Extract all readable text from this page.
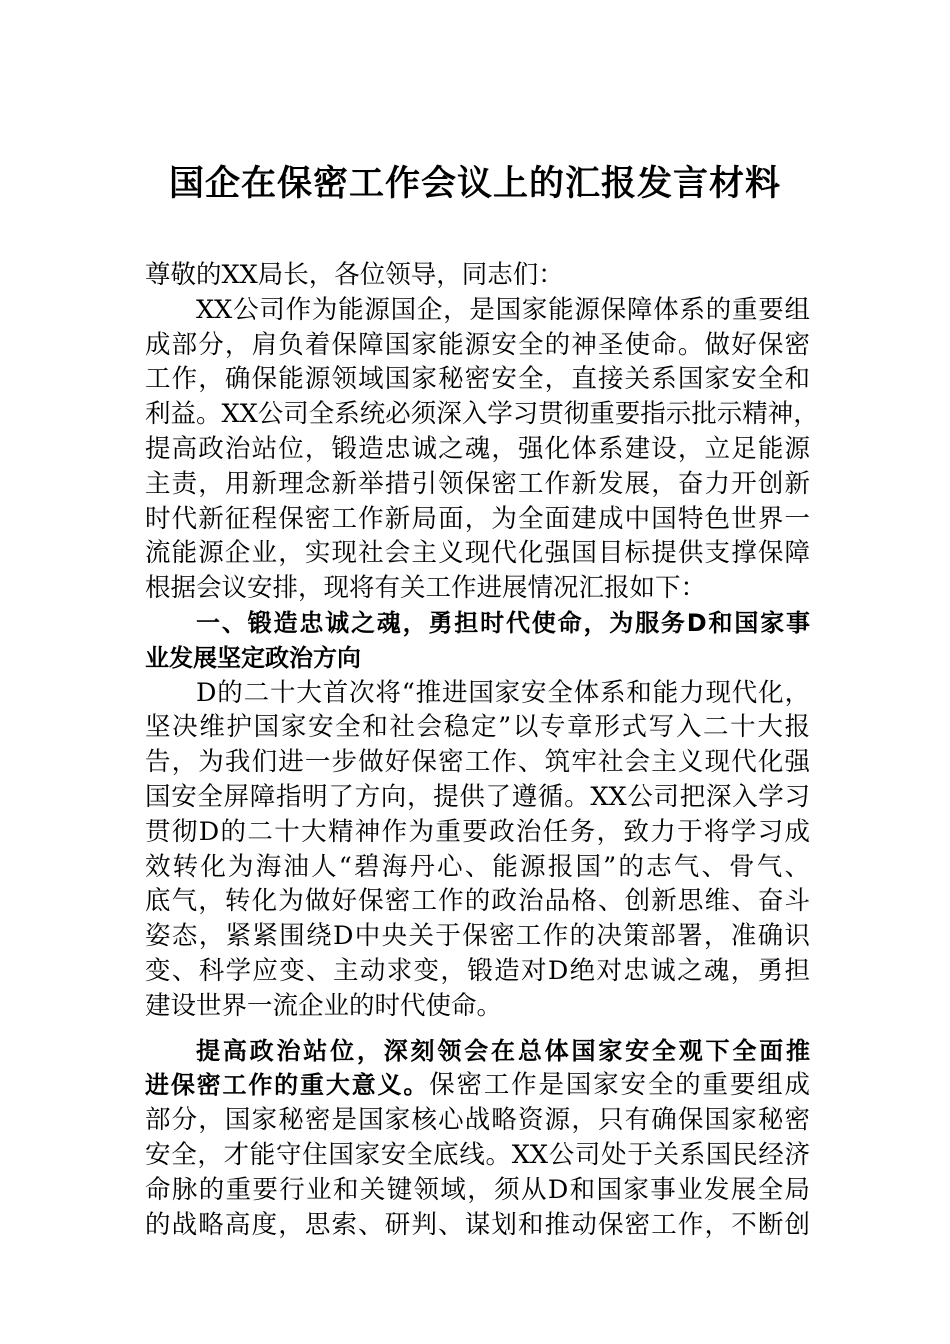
国企在保密工作会议上的汇报发言材料
尊敬的XX局长，各位领导，同志们：
XX公司作为能源国企，是国家能源保障体系的重要组
成部分，肩负着保障国家能源安全的神圣使命。做好保密
工作，确保能源领域国家秘密安全，直接关系国家安全和
利益。XX公司全系统必须深入学习贯彻重要指示批示精神，
提高政治站位，锻造忠诚之魂，强化体系建设，立足能源
主责，用新理念新举措引领保密工作新发展，奋力开创新
时代新征程保密工作新局面，为全面建成中国特色世界一
流能源企业，实现社会主义现代化强国目标提供支撑保障
根据会议安排，现将有关工作进展情况汇报如下：
一、锻造忠诚之魂，勇担时代使命，为服务D和国家事
业发展坚定政治方向
D的二十大首次将“推进国家安全体系和能力现代化，
坚决维护国家安全和社会稳定”以专章形式写入二十大报
告，为我们进一步做好保密工作、筑牢社会主义现代化强
国安全屏障指明了方向，提供了遵循。XX公司把深入学习
贯彻D的二十大精神作为重要政治任务，致力于将学习成
效转化为海油人“碧海丹心、能源报国”的志气、骨气、
底气，转化为做好保密工作的政治品格、创新思维、奋斗
姿态，紧紧围绕D中央关于保密工作的决策部署，准确识
变、科学应变、主动求变，锻造对D绝对忠诚之魂，勇担
建设世界一流企业的时代使命。
提高政治站位，深刻领会在总体国家安全观下全面推
进保密工作的重大意义。保密工作是国家安全的重要组成
部分，国家秘密是国家核心战略资源，只有确保国家秘密
安全，才能守住国家安全底线。XX公司处于关系国民经济
命脉的重要行业和关键领域，须从D和国家事业发展全局
的战略高度，思索、研判、谋划和推动保密工作，不断创
